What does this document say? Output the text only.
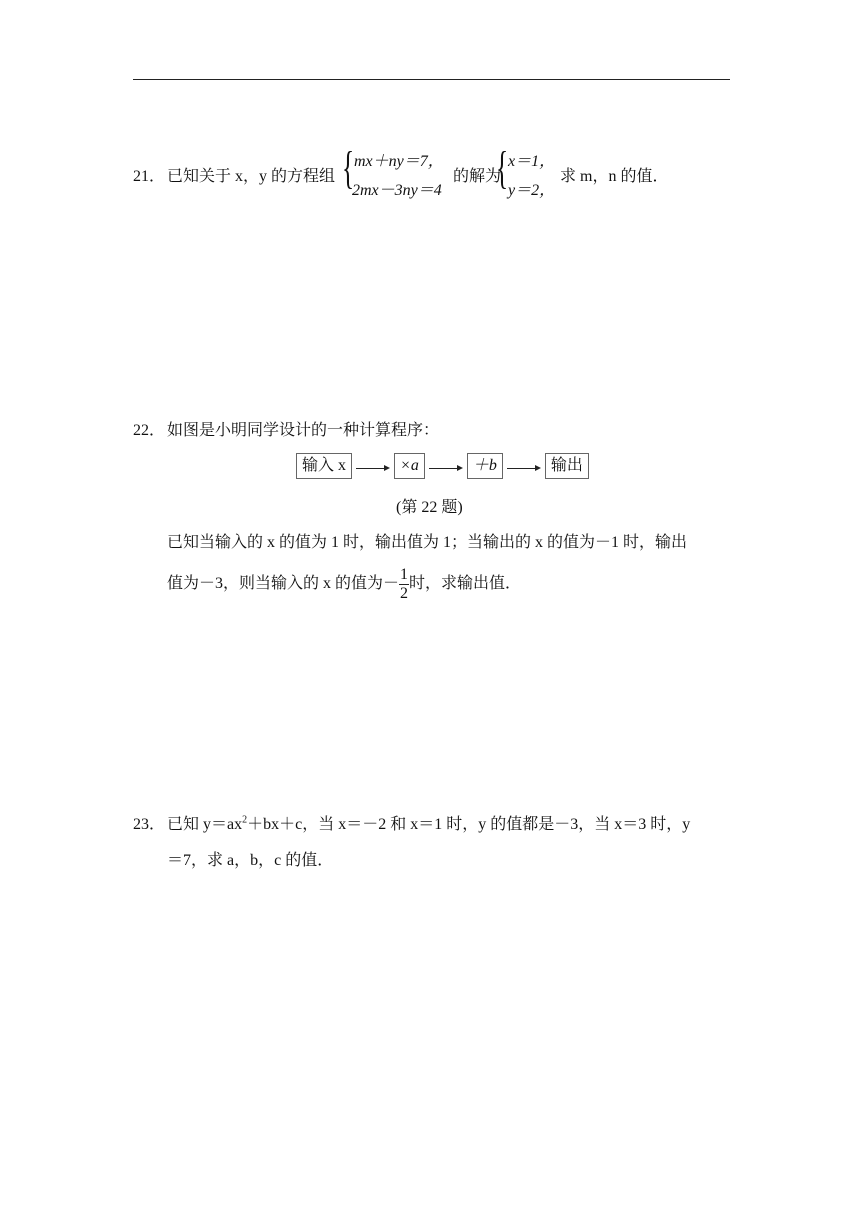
21． 已知关于 x，y 的方程组 { mx＋ny＝7，
2mx－3ny＝4
的解为
{ x＝1，
y＝2，
求 m，n 的值．
22． 如图是小明同学设计的一种计算程序：
输入 x	×a	＋b	输出
(第 22 题)
已知当输入的 x 的值为 1 时，输出值为 1；当输出的 x 的值为－1 时，输出
值为－3，则当输入的 x 的值为－ $\frac{1}{2}$ 时，求输出值．
23． 已知 $y=ax^2+bx+c$，当 x＝－2 和 x＝1 时，y 的值都是－3，当 x＝3 时，y
＝7，求 a，b，c 的值．
